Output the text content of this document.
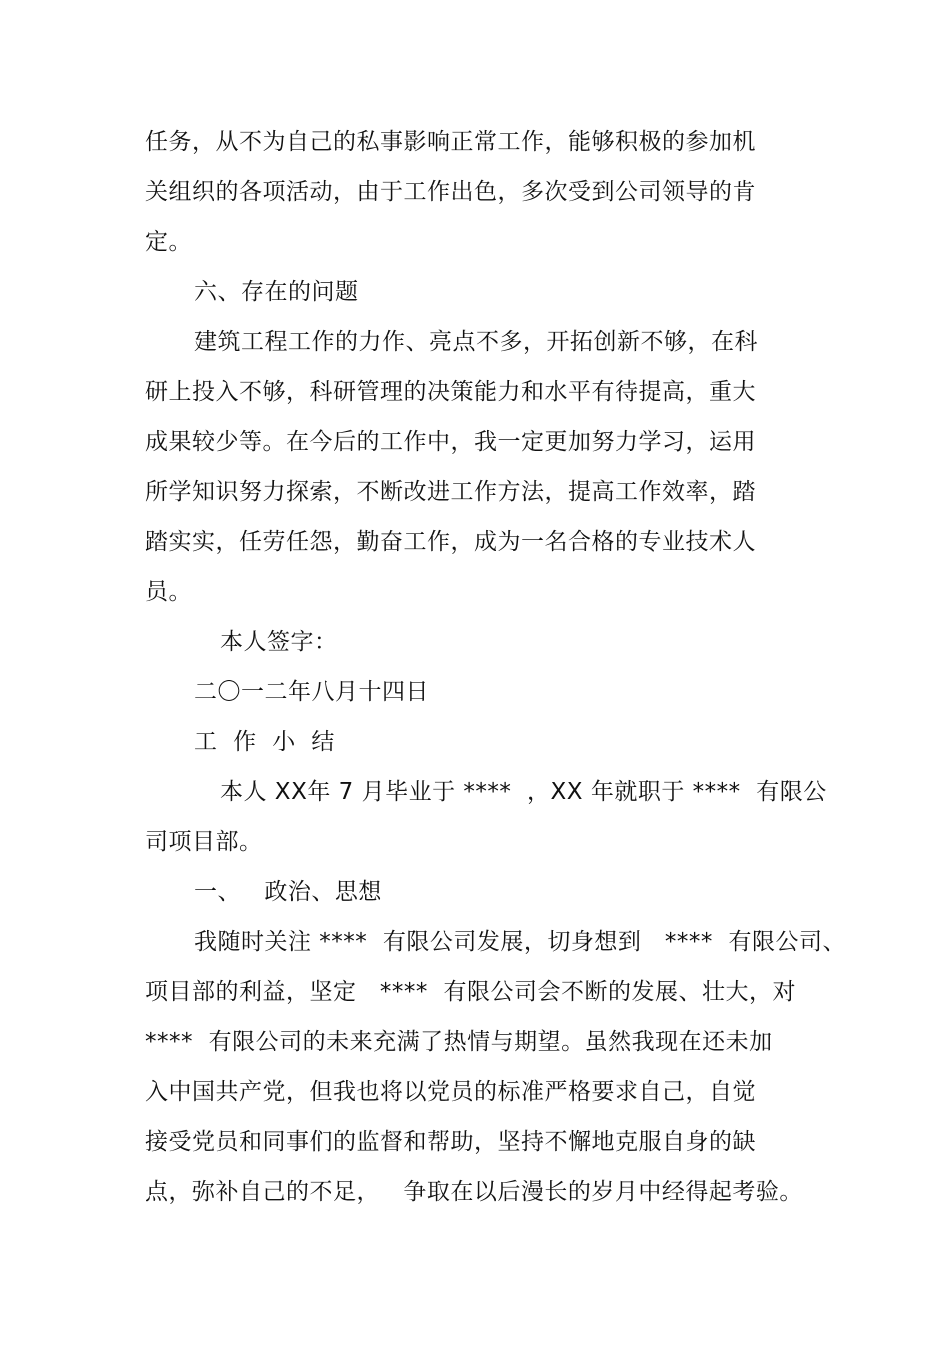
任务，从不为自己的私事影响正常工作，能够积极的参加机
关组织的各项活动，由于工作出色，多次受到公司领导的肯
定。
六、存在的问题
建筑工程工作的力作、亮点不多，开拓创新不够，在科
研上投入不够，科研管理的决策能力和水平有待提高，重大
成果较少等。在今后的工作中，我一定更加努力学习，运用
所学知识努力探索，不断改进工作方法，提高工作效率，踏
踏实实，任劳任怨，勤奋工作，成为一名合格的专业技术人
员。
本人签字：
二〇一二年八月十四日
工  作  小  结
本人 XX年 7 月毕业于 ****  ，XX 年就职于 ****  有限公
司项目部。
一、   政治、思想
我随时关注 ****  有限公司发展，切身想到   ****  有限公司、
项目部的利益，坚定   ****  有限公司会不断的发展、壮大，对
****  有限公司的未来充满了热情与期望。虽然我现在还未加
入中国共产党，但我也将以党员的标准严格要求自己，自觉
接受党员和同事们的监督和帮助，坚持不懈地克服自身的缺
点，弥补自己的不足，   争取在以后漫长的岁月中经得起考验。
